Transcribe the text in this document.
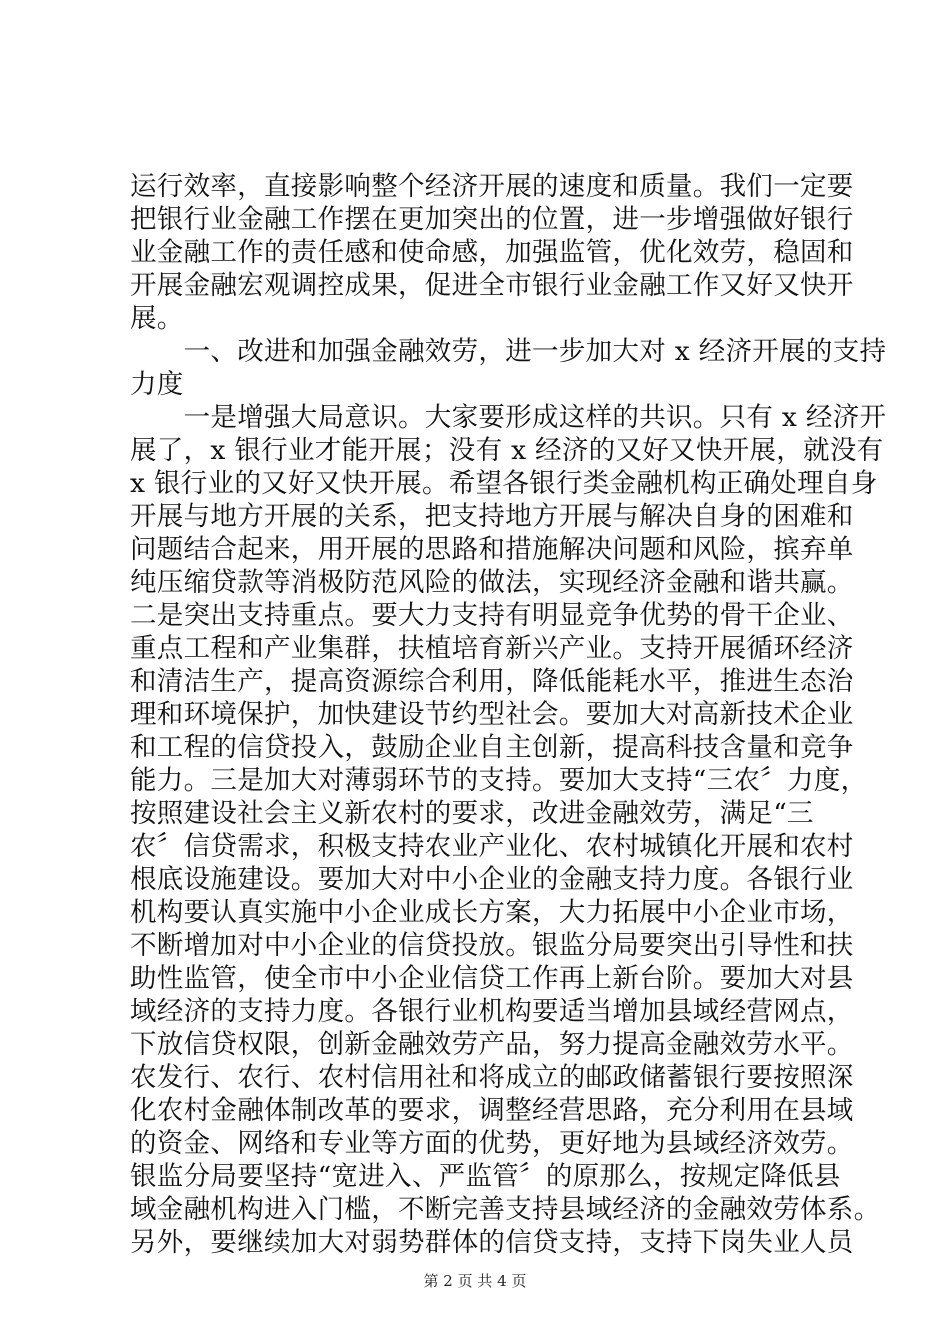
运行效率，直接影响整个经济开展的速度和质量。我们一定要
把银行业金融工作摆在更加突出的位置，进一步增强做好银行
业金融工作的责任感和使命感，加强监管，优化效劳，稳固和
开展金融宏观调控成果，促进全市银行业金融工作又好又快开
展。
　　一、改进和加强金融效劳，进一步加大对 x 经济开展的支持
力度
　　一是增强大局意识。大家要形成这样的共识。只有 x 经济开
展了，x 银行业才能开展；没有 x 经济的又好又快开展，就没有
x 银行业的又好又快开展。希望各银行类金融机构正确处理自身
开展与地方开展的关系，把支持地方开展与解决自身的困难和
问题结合起来，用开展的思路和措施解决问题和风险，摈弃单
纯压缩贷款等消极防范风险的做法，实现经济金融和谐共赢。
二是突出支持重点。要大力支持有明显竞争优势的骨干企业、
重点工程和产业集群，扶植培育新兴产业。支持开展循环经济
和清洁生产，提高资源综合利用，降低能耗水平，推进生态治
理和环境保护，加快建设节约型社会。要加大对高新技术企业
和工程的信贷投入，鼓励企业自主创新，提高科技含量和竞争
能力。三是加大对薄弱环节的支持。要加大支持“三农〞力度，
按照建设社会主义新农村的要求，改进金融效劳，满足“三
农〞信贷需求，积极支持农业产业化、农村城镇化开展和农村
根底设施建设。要加大对中小企业的金融支持力度。各银行业
机构要认真实施中小企业成长方案，大力拓展中小企业市场，
不断增加对中小企业的信贷投放。银监分局要突出引导性和扶
助性监管，使全市中小企业信贷工作再上新台阶。要加大对县
域经济的支持力度。各银行业机构要适当增加县域经营网点，
下放信贷权限，创新金融效劳产品，努力提高金融效劳水平。
农发行、农行、农村信用社和将成立的邮政储蓄银行要按照深
化农村金融体制改革的要求，调整经营思路，充分利用在县域
的资金、网络和专业等方面的优势，更好地为县域经济效劳。
银监分局要坚持“宽进入、严监管〞的原那么，按规定降低县
域金融机构进入门槛，不断完善支持县域经济的金融效劳体系。
另外，要继续加大对弱势群体的信贷支持，支持下岗失业人员
第 2 页 共 4 页
